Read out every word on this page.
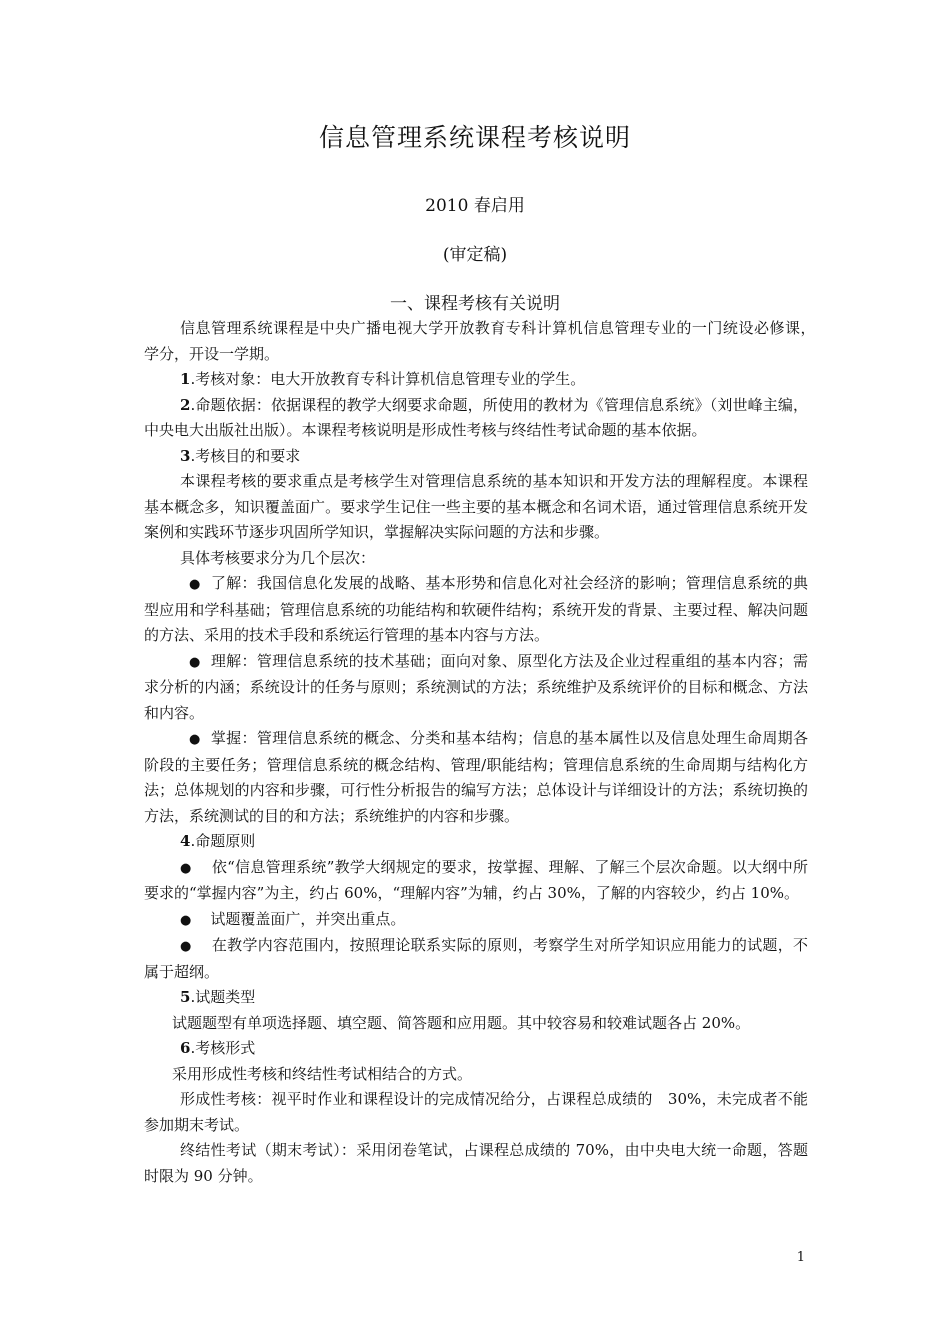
信息管理系统课程考核说明
2010 春启用
(审定稿)
一、课程考核有关说明

信息管理系统课程是中央广播电视大学开放教育专科计算机信息管理专业的一门统设必修课，　学分，开设一学期。

1.考核对象：电大开放教育专科计算机信息管理专业的学生。

2.命题依据：依据课程的教学大纲要求命题，所使用的教材为《管理信息系统》（刘世峰主编，中央电大出版社出版）。本课程考核说明是形成性考核与终结性考试命题的基本依据。

3.考核目的和要求

本课程考核的要求重点是考核学生对管理信息系统的基本知识和开发方法的理解程度。本课程基本概念多，知识覆盖面广。要求学生记住一些主要的基本概念和名词术语，通过管理信息系统开发案例和实践环节逐步巩固所学知识，掌握解决实际问题的方法和步骤。

具体考核要求分为几个层次：

● 了解：我国信息化发展的战略、基本形势和信息化对社会经济的影响；管理信息系统的典型应用和学科基础；管理信息系统的功能结构和软硬件结构；系统开发的背景、主要过程、解决问题的方法、采用的技术手段和系统运行管理的基本内容与方法。

● 理解：管理信息系统的技术基础；面向对象、原型化方法及企业过程重组的基本内容；需求分析的内涵；系统设计的任务与原则；系统测试的方法；系统维护及系统评价的目标和概念、方法和内容。

● 掌握：管理信息系统的概念、分类和基本结构；信息的基本属性以及信息处理生命周期各阶段的主要任务；管理信息系统的概念结构、管理/职能结构；管理信息系统的生命周期与结构化方法；总体规划的内容和步骤，可行性分析报告的编写方法；总体设计与详细设计的方法；系统切换的方法，系统测试的目的和方法；系统维护的内容和步骤。

4.命题原则

● 依“信息管理系统”教学大纲规定的要求，按掌握、理解、了解三个层次命题。以大纲中所要求的“掌握内容”为主，约占 60%，“理解内容”为辅，约占 30%，了解的内容较少，约占 10%。

● 试题覆盖面广，并突出重点。

● 在教学内容范围内，按照理论联系实际的原则，考察学生对所学知识应用能力的试题，不属于超纲。

5.试题类型

试题题型有单项选择题、填空题、简答题和应用题。其中较容易和较难试题各占 20%。

6.考核形式

采用形成性考核和终结性考试相结合的方式。

形成性考核：视平时作业和课程设计的完成情况给分，占课程总成绩的　30%，未完成者不能参加期末考试。

终结性考试（期末考试）：采用闭卷笔试，占课程总成绩的 70%，由中央电大统一命题，答题时限为 90 分钟。

1
